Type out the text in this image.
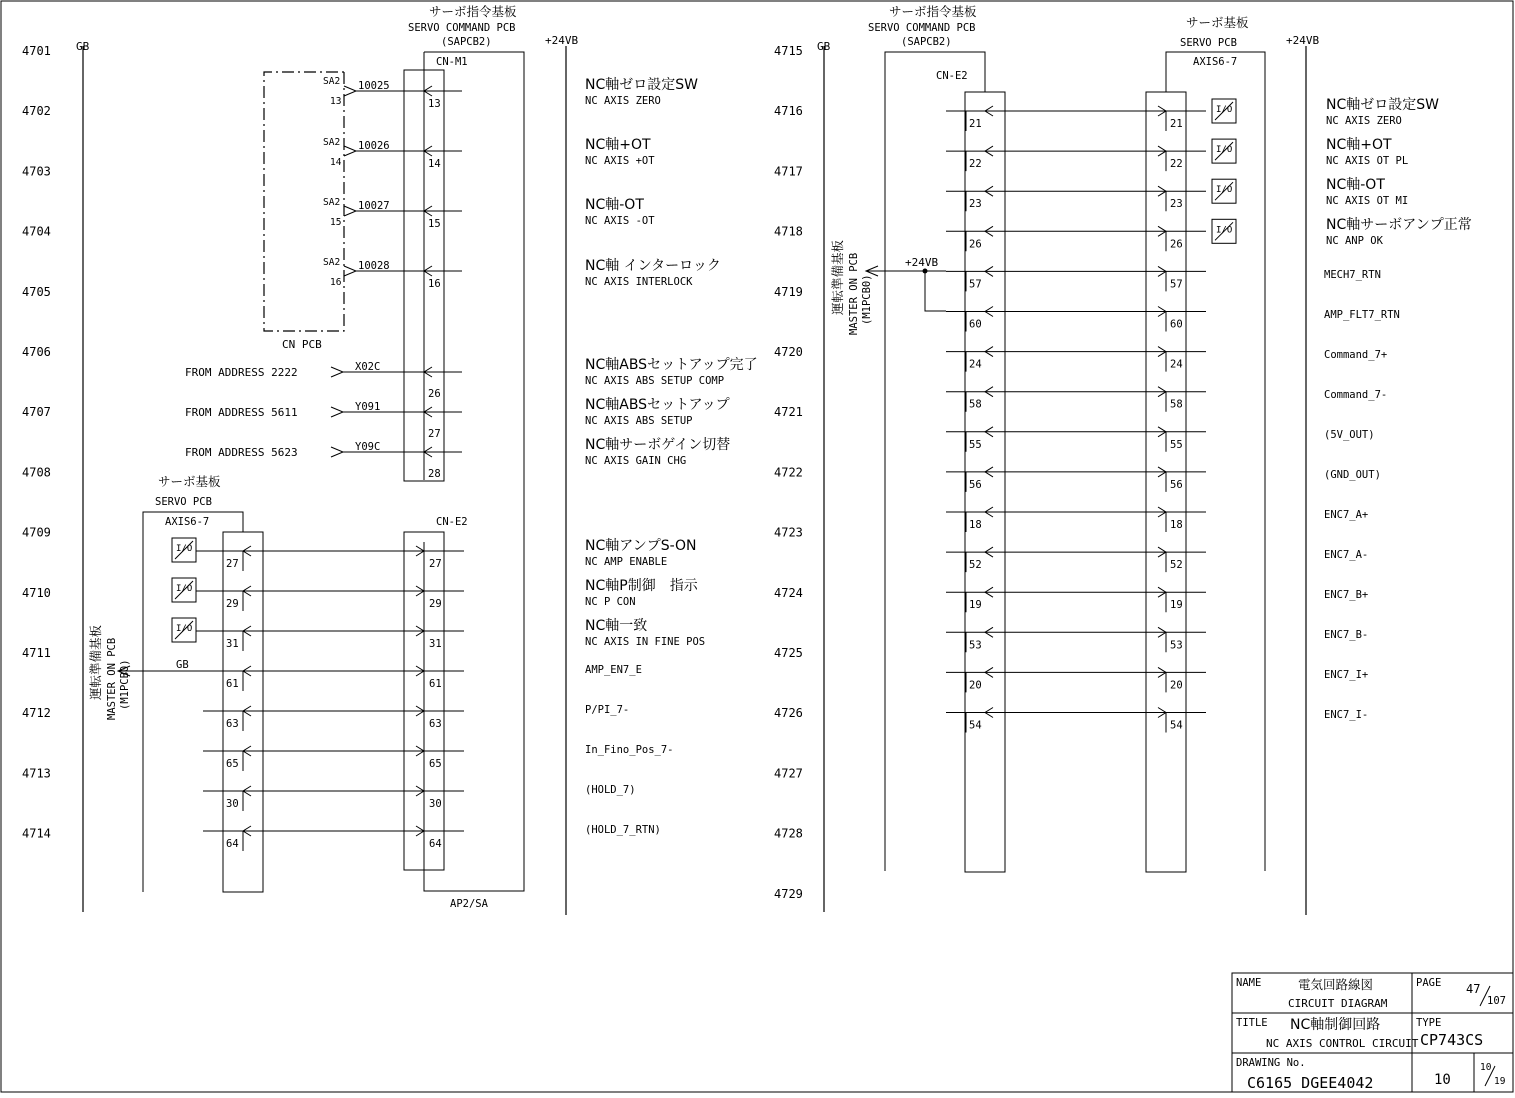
4701
4702
4703
4704
4705
4706
4707
4708
4709
4710
4711
4712
4713
4714
GB	+24VB
サーボ指令基板
SERVO COMMAND PCB
(SAPCB2)
CN-M1
AP2/SA
CN PCB
SA2
13
10025
13
SA2
14
10026
14
SA2
15
10027
15
SA2
16
10028
16
FROM ADDRESS 2222	X02C
26
FROM ADDRESS 5611	Y091
27
FROM ADDRESS 5623	Y09C
28
サーボ基板
SERVO PCB
AXIS6-7	CN-E2
I/O
I/O
I/O
27	27
29	29
31	31
61	61
63	63
65	65
30	30
64	64
運転準備基板 MASTER ON PCB (M1PCB0)	GB
NC軸ゼロ設定SW
NC AXIS ZERO
NC軸+OT
NC AXIS +OT
NC軸-OT
NC AXIS -OT
NC軸 インターロック
NC AXIS INTERLOCK
NC軸ABSセットアップ完了
NC AXIS ABS SETUP COMP
NC軸ABSセットアップ
NC AXIS ABS SETUP
NC軸サーボゲイン切替
NC AXIS GAIN CHG
NC軸アンプS-ON
NC AMP ENABLE
NC軸P制御　指示
NC P CON
NC軸一致
NC AXIS IN FINE POS
AMP_EN7_E
P/PI_7-
In_Fino_Pos_7-
(HOLD_7)
(HOLD_7_RTN)
4715
4716
4717
4718
4719
4720
4721
4722
4723
4724
4725
4726
4727
4728
4729
GB	+24VB
サーボ指令基板
SERVO COMMAND PCB
(SAPCB2)
CN-E2
サーボ基板
SERVO PCB
AXIS6-7
I/O
I/O
I/O
I/O
21	21
22	22
23	23
26	26
57	57
60	60
24	24
58	58
55	55
56	56
18	18
52	52
19	19
53	53
20	20
54	54
運転準備基板 MASTER ON PCB (M1PCB0)
+24VB
NC軸ゼロ設定SW
NC AXIS ZERO
NC軸+OT
NC AXIS OT PL
NC軸-OT
NC AXIS OT MI
NC軸サーボアンプ正常
NC ANP OK
MECH7_RTN
AMP_FLT7_RTN
Command_7+
Command_7-
(5V_OUT)
(GND_OUT)
ENC7_A+
ENC7_A-
ENC7_B+
ENC7_B-
ENC7_I+
ENC7_I-
NAME	電気回路線図
CIRCUIT DIAGRAM
PAGE 47
107
TITLE NC軸制御回路
NC AXIS CONTROL CIRCUIT
TYPE
CP743CS
DRAWING No.
C6165 DGEE4042	10
10
19
